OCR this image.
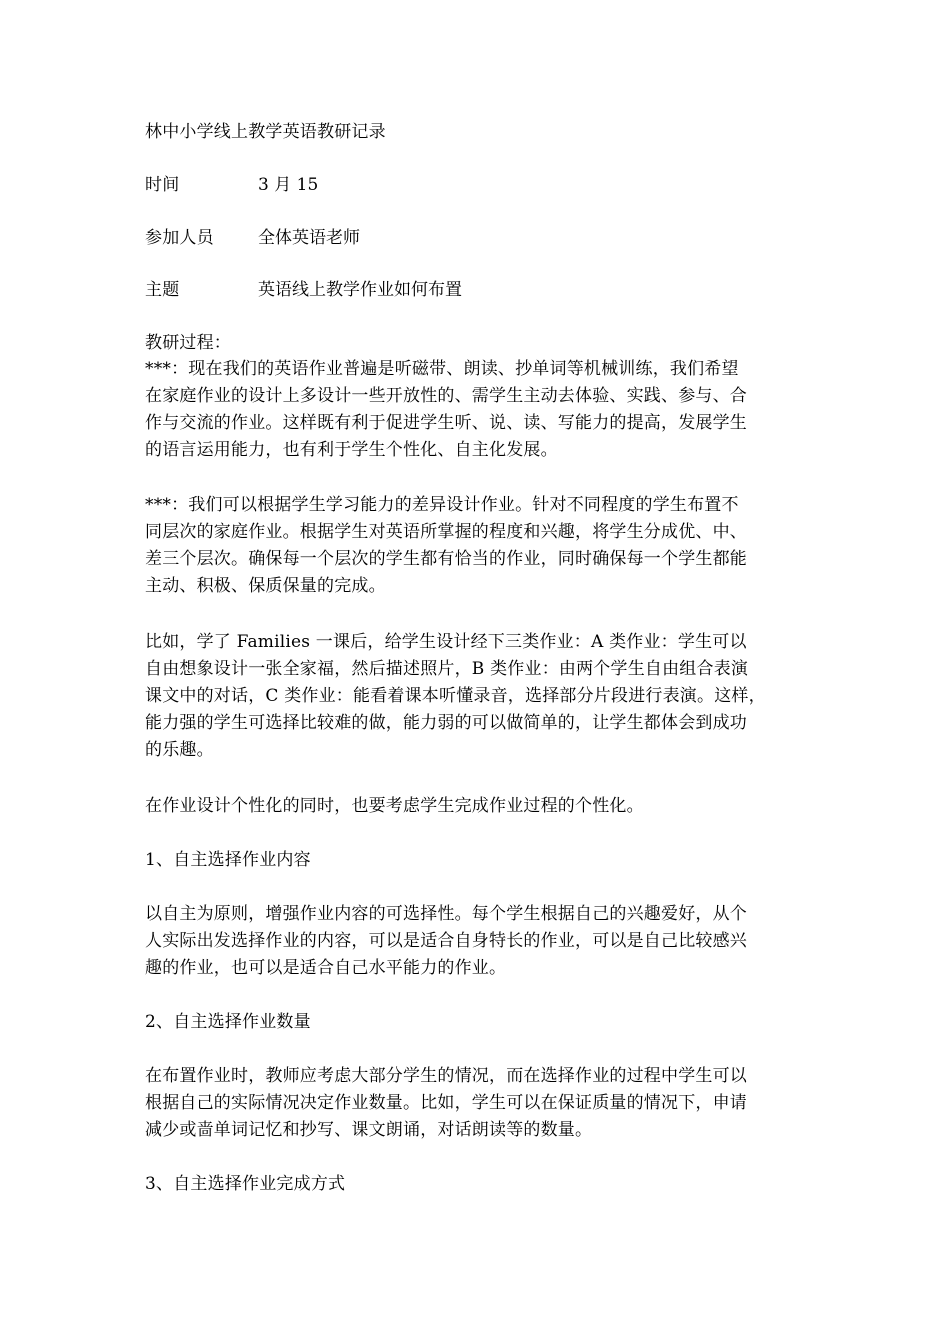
林中小学线上教学英语教研记录
时间	3 月 15
参加人员	全体英语老师
主题	英语线上教学作业如何布置
教研过程：
***：现在我们的英语作业普遍是听磁带、朗读、抄单词等机械训练，我们希望
在家庭作业的设计上多设计一些开放性的、需学生主动去体验、实践、参与、合
作与交流的作业。这样既有利于促进学生听、说、读、写能力的提高，发展学生
的语言运用能力，也有利于学生个性化、自主化发展。
***：我们可以根据学生学习能力的差异设计作业。针对不同程度的学生布置不
同层次的家庭作业。根据学生对英语所掌握的程度和兴趣，将学生分成优、中、
差三个层次。确保每一个层次的学生都有恰当的作业，同时确保每一个学生都能
主动、积极、保质保量的完成。
比如，学了 Families 一课后，给学生设计经下三类作业：A 类作业：学生可以
自由想象设计一张全家福，然后描述照片，B 类作业：由两个学生自由组合表演
课文中的对话，C 类作业：能看着课本听懂录音，选择部分片段进行表演。这样，
能力强的学生可选择比较难的做，能力弱的可以做简单的，让学生都体会到成功
的乐趣。
在作业设计个性化的同时，也要考虑学生完成作业过程的个性化。
1、自主选择作业内容
以自主为原则，增强作业内容的可选择性。每个学生根据自己的兴趣爱好，从个
人实际出发选择作业的内容，可以是适合自身特长的作业，可以是自己比较感兴
趣的作业，也可以是适合自己水平能力的作业。
2、自主选择作业数量
在布置作业时，教师应考虑大部分学生的情况，而在选择作业的过程中学生可以
根据自己的实际情况决定作业数量。比如，学生可以在保证质量的情况下，申请
减少或啬单词记忆和抄写、课文朗诵，对话朗读等的数量。
3、自主选择作业完成方式
